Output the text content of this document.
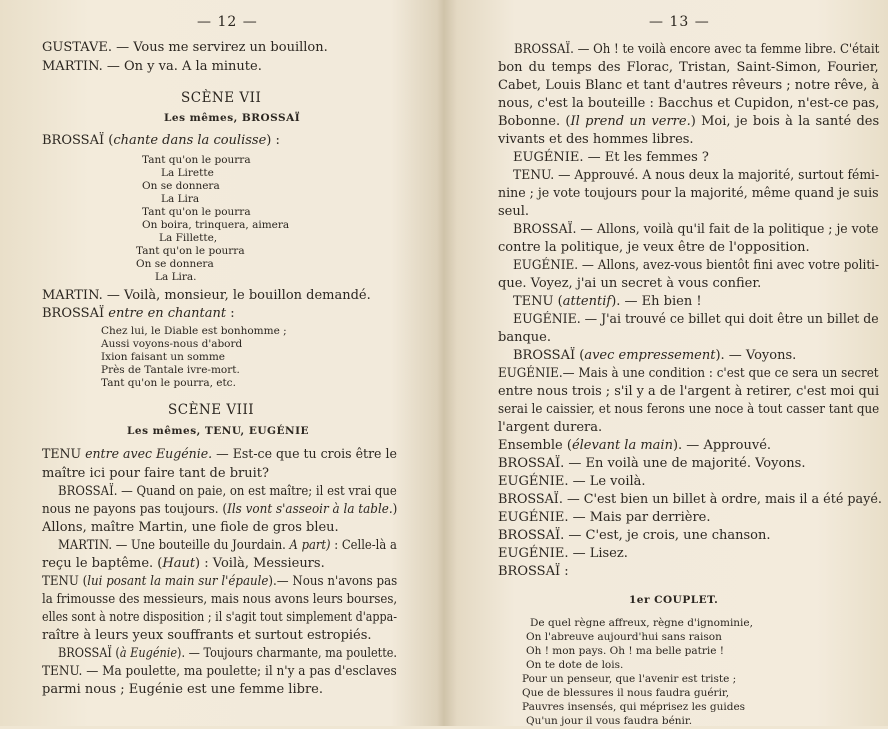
— 12 —
GUSTAVE. — Vous me servirez un bouillon.
MARTIN. — On y va. A la minute.
SCÈNE VII
Les mêmes, BROSSAÏ
BROSSAÏ (chante dans la coulisse) :
Tant qu'on le pourra
La Lirette
On se donnera
La Lira
Tant qu'on le pourra
On boira, trinquera, aimera
La Fillette,
Tant qu'on le pourra
On se donnera
La Lira.
MARTIN. — Voilà, monsieur, le bouillon demandé.
BROSSAÏ entre en chantant :
Chez lui, le Diable est bonhomme ;
Aussi voyons-nous d'abord
Ixion faisant un somme
Près de Tantale ivre-mort.
Tant qu'on le pourra, etc.
SCÈNE VIII
Les mêmes, TENU, EUGÉNIE
TENU entre avec Eugénie. — Est-ce que tu crois être le
maître ici pour faire tant de bruit?
BROSSAÏ. — Quand on paie, on est maître; il est vrai que
nous ne payons pas toujours. (Ils vont s'asseoir à la table.)
Allons, maître Martin, une fiole de gros bleu.
MARTIN. — Une bouteille du Jourdain. A part) : Celle-là a
reçu le baptême. (Haut) : Voilà, Messieurs.
TENU (lui posant la main sur l'épaule).— Nous n'avons pas
la frimousse des messieurs, mais nous avons leurs bourses,
elles sont à notre disposition ; il s'agit tout simplement d'appa-
raître à leurs yeux souffrants et surtout estropiés.
BROSSAÏ (à Eugénie). — Toujours charmante, ma poulette.
TENU. — Ma poulette, ma poulette; il n'y a pas d'esclaves
parmi nous ; Eugénie est une femme libre.
— 13 —
BROSSAÏ. — Oh ! te voilà encore avec ta femme libre. C'était
bon du temps des Florac, Tristan, Saint-Simon, Fourier,
Cabet, Louis Blanc et tant d'autres rêveurs ; notre rêve, à
nous, c'est la bouteille : Bacchus et Cupidon, n'est-ce pas,
Bobonne. (Il prend un verre.) Moi, je bois à la santé des
vivants et des hommes libres.
EUGÉNIE. — Et les femmes ?
TENU. — Approuvé. A nous deux la majorité, surtout fémi-
nine ; je vote toujours pour la majorité, même quand je suis
seul.
BROSSAÏ. — Allons, voilà qu'il fait de la politique ; je vote
contre la politique, je veux être de l'opposition.
EUGÉNIE. — Allons, avez-vous bientôt fini avec votre politi-
que. Voyez, j'ai un secret à vous confier.
TENU (attentif). — Eh bien !
EUGÉNIE. — J'ai trouvé ce billet qui doit être un billet de
banque.
BROSSAÏ (avec empressement). — Voyons.
EUGÉNIE.— Mais à une condition : c'est que ce sera un secret
entre nous trois ; s'il y a de l'argent à retirer, c'est moi qui
serai le caissier, et nous ferons une noce à tout casser tant que
l'argent durera.
Ensemble (élevant la main). — Approuvé.
BROSSAÏ. — En voilà une de majorité. Voyons.
EUGÉNIE. — Le voilà.
BROSSAÏ. — C'est bien un billet à ordre, mais il a été payé.
EUGÉNIE. — Mais par derrière.
BROSSAÏ. — C'est, je crois, une chanson.
EUGÉNIE. — Lisez.
BROSSAÏ :
1er COUPLET.
De quel règne affreux, règne d'ignominie,
On l'abreuve aujourd'hui sans raison
Oh ! mon pays. Oh ! ma belle patrie !
On te dote de lois.
Pour un penseur, que l'avenir est triste ;
Que de blessures il nous faudra guérir,
Pauvres insensés, qui méprisez les guides
Qu'un jour il vous faudra bénir.
